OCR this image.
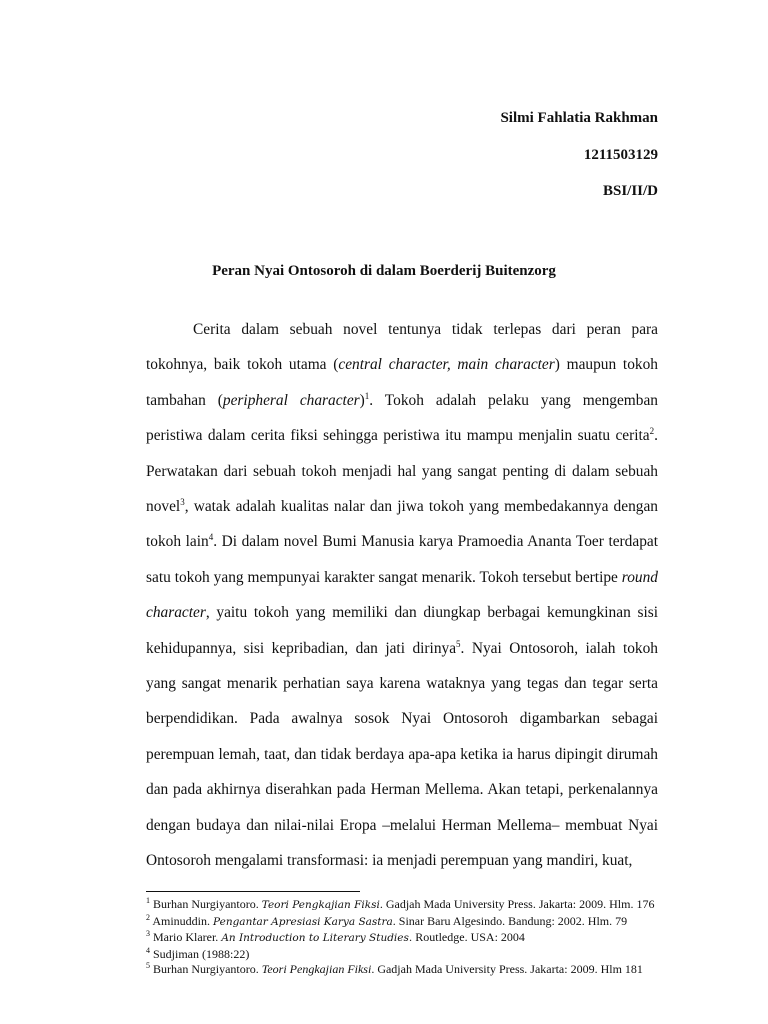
Silmi Fahlatia Rakhman
1211503129
BSI/II/D
Peran Nyai Ontosoroh di dalam Boerderij Buitenzorg

Cerita dalam sebuah novel tentunya tidak terlepas dari peran para tokohnya, baik tokoh utama (central character, main character) maupun tokoh tambahan (peripheral character)$^1$. Tokoh adalah pelaku yang mengemban peristiwa dalam cerita fiksi sehingga peristiwa itu mampu menjalin suatu cerita$^2$. Perwatakan dari sebuah tokoh menjadi hal yang sangat penting di dalam sebuah novel$^3$, watak adalah kualitas nalar dan jiwa tokoh yang membedakannya dengan tokoh lain$^4$. Di dalam novel Bumi Manusia karya Pramoedia Ananta Toer terdapat satu tokoh yang mempunyai karakter sangat menarik. Tokoh tersebut bertipe round character, yaitu tokoh yang memiliki dan diungkap berbagai kemungkinan sisi kehidupannya, sisi kepribadian, dan jati dirinya$^5$. Nyai Ontosoroh, ialah tokoh yang sangat menarik perhatian saya karena wataknya yang tegas dan tegar serta berpendidikan. Pada awalnya sosok Nyai Ontosoroh digambarkan sebagai perempuan lemah, taat, dan tidak berdaya apa-apa ketika ia harus dipingit dirumah dan pada akhirnya diserahkan pada Herman Mellema. Akan tetapi, perkenalannya dengan budaya dan nilai-nilai Eropa –melalui Herman Mellema– membuat Nyai Ontosoroh mengalami transformasi: ia menjadi perempuan yang mandiri, kuat,

$^1$ Burhan Nurgiyantoro. Teori Pengkajian Fiksi. Gadjah Mada University Press. Jakarta: 2009. Hlm. 176
$^2$ Aminuddin. Pengantar Apresiasi Karya Sastra. Sinar Baru Algesindo. Bandung: 2002. Hlm. 79
$^3$ Mario Klarer. An Introduction to Literary Studies. Routledge. USA: 2004
$^4$ Sudjiman (1988:22)
$^5$ Burhan Nurgiyantoro. Teori Pengkajian Fiksi. Gadjah Mada University Press. Jakarta: 2009. Hlm 181
